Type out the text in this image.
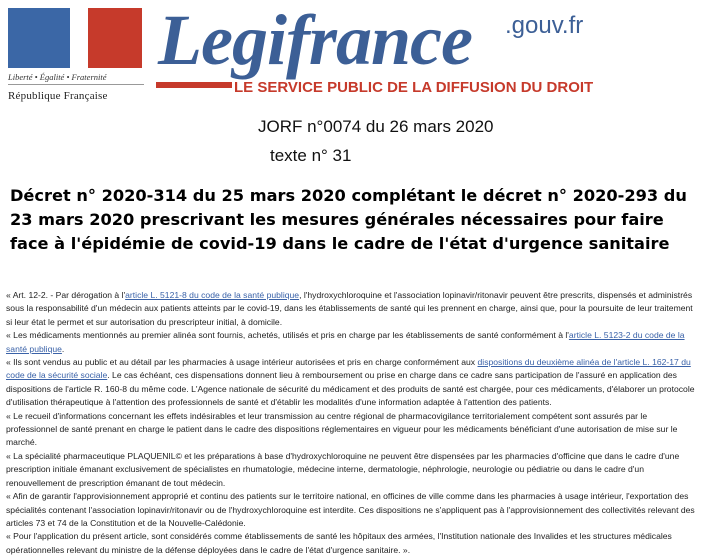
Liberté • Égalité • Fraternité
République Française
Legifrance .gouv.fr
LE SERVICE PUBLIC DE LA DIFFUSION DU DROIT
JORF n°0074 du 26 mars 2020
texte n° 31
Décret n° 2020-314 du 25 mars 2020 complétant le décret n° 2020-293 du
23 mars 2020 prescrivant les mesures générales nécessaires pour faire
face à l'épidémie de covid-19 dans le cadre de l'état d'urgence sanitaire

« Art. 12-2. - Par dérogation à l'article L. 5121-8 du code de la santé publique, l'hydroxychloroquine et l'association lopinavir/ritonavir peuvent être prescrits, dispensés et administrés sous la responsabilité d'un médecin aux patients atteints par le covid-19, dans les établissements de santé qui les prennent en charge, ainsi que, pour la poursuite de leur traitement si leur état le permet et sur autorisation du prescripteur initial, à domicile.

« Les médicaments mentionnés au premier alinéa sont fournis, achetés, utilisés et pris en charge par les établissements de santé conformément à l'article L. 5123-2 du code de la santé publique.

« Ils sont vendus au public et au détail par les pharmacies à usage intérieur autorisées et pris en charge conformément aux dispositions du deuxième alinéa de l'article L. 162-17 du code de la sécurité sociale. Le cas échéant, ces dispensations donnent lieu à remboursement ou prise en charge dans ce cadre sans participation de l'assuré en application des dispositions de l'article R. 160-8 du même code. L'Agence nationale de sécurité du médicament et des produits de santé est chargée, pour ces médicaments, d'élaborer un protocole d'utilisation thérapeutique à l'attention des professionnels de santé et d'établir les modalités d'une information adaptée à l'attention des patients.

« Le recueil d'informations concernant les effets indésirables et leur transmission au centre régional de pharmacovigilance territorialement compétent sont assurés par le professionnel de santé prenant en charge le patient dans le cadre des dispositions réglementaires en vigueur pour les médicaments bénéficiant d'une autorisation de mise sur le marché.

« La spécialité pharmaceutique PLAQUENIL© et les préparations à base d'hydroxychloroquine ne peuvent être dispensées par les pharmacies d'officine que dans le cadre d'une prescription initiale émanant exclusivement de spécialistes en rhumatologie, médecine interne, dermatologie, néphrologie, neurologie ou pédiatrie ou dans le cadre d'un renouvellement de prescription émanant de tout médecin.

« Afin de garantir l'approvisionnement approprié et continu des patients sur le territoire national, en officines de ville comme dans les pharmacies à usage intérieur, l'exportation des spécialités contenant l'association lopinavir/ritonavir ou de l'hydroxychloroquine est interdite. Ces dispositions ne s'appliquent pas à l'approvisionnement des collectivités relevant des articles 73 et 74 de la Constitution et de la Nouvelle-Calédonie.

« Pour l'application du présent article, sont considérés comme établissements de santé les hôpitaux des armées, l'Institution nationale des Invalides et les structures médicales opérationnelles relevant du ministre de la défense déployées dans le cadre de l'état d'urgence sanitaire. ».
